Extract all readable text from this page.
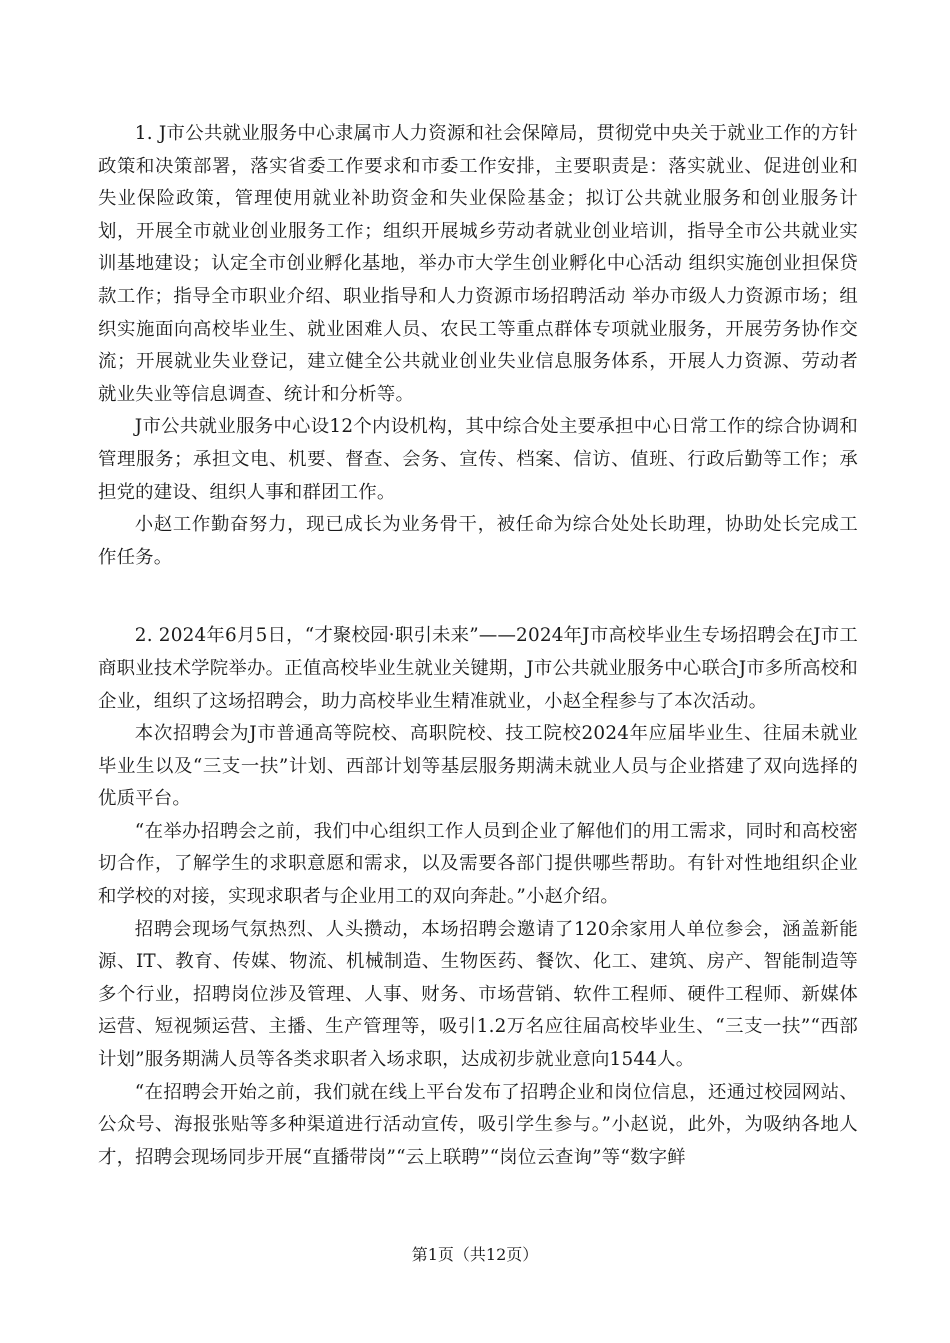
1. J市公共就业服务中心隶属市人力资源和社会保障局，贯彻党中央关于就业工作的方针政策和决策部署，落实省委工作要求和市委工作安排，主要职责是：落实就业、促进创业和失业保险政策，管理使用就业补助资金和失业保险基金；拟订公共就业服务和创业服务计划，开展全市就业创业服务工作；组织开展城乡劳动者就业创业培训，指导全市公共就业实训基地建设；认定全市创业孵化基地，举办市大学生创业孵化中心活动 组织实施创业担保贷款工作；指导全市职业介绍、职业指导和人力资源市场招聘活动 举办市级人力资源市场；组织实施面向高校毕业生、就业困难人员、农民工等重点群体专项就业服务，开展劳务协作交流；开展就业失业登记，建立健全公共就业创业失业信息服务体系，开展人力资源、劳动者就业失业等信息调查、统计和分析等。

J市公共就业服务中心设12个内设机构，其中综合处主要承担中心日常工作的综合协调和管理服务；承担文电、机要、督查、会务、宣传、档案、信访、值班、行政后勤等工作；承担党的建设、组织人事和群团工作。

小赵工作勤奋努力，现已成长为业务骨干，被任命为综合处处长助理，协助处长完成工作任务。

2. 2024年6月5日，“才聚校园·职引未来”——2024年J市高校毕业生专场招聘会在J市工商职业技术学院举办。正值高校毕业生就业关键期，J市公共就业服务中心联合J市多所高校和企业，组织了这场招聘会，助力高校毕业生精准就业，小赵全程参与了本次活动。

本次招聘会为J市普通高等院校、高职院校、技工院校2024年应届毕业生、往届未就业毕业生以及“三支一扶”计划、西部计划等基层服务期满未就业人员与企业搭建了双向选择的优质平台。

“在举办招聘会之前，我们中心组织工作人员到企业了解他们的用工需求，同时和高校密切合作，了解学生的求职意愿和需求，以及需要各部门提供哪些帮助。有针对性地组织企业和学校的对接，实现求职者与企业用工的双向奔赴。”小赵介绍。

招聘会现场气氛热烈、人头攒动，本场招聘会邀请了120余家用人单位参会，涵盖新能源、IT、教育、传媒、物流、机械制造、生物医药、餐饮、化工、建筑、房产、智能制造等多个行业，招聘岗位涉及管理、人事、财务、市场营销、软件工程师、硬件工程师、新媒体运营、短视频运营、主播、生产管理等，吸引1.2万名应往届高校毕业生、“三支一扶”“西部计划”服务期满人员等各类求职者入场求职，达成初步就业意向1544人。

“在招聘会开始之前，我们就在线上平台发布了招聘企业和岗位信息，还通过校园网站、公众号、海报张贴等多种渠道进行活动宣传，吸引学生参与。”小赵说，此外，为吸纳各地人才，招聘会现场同步开展“直播带岗”“云上联聘”“岗位云查询”等“数字鲜

第1页（共12页）
